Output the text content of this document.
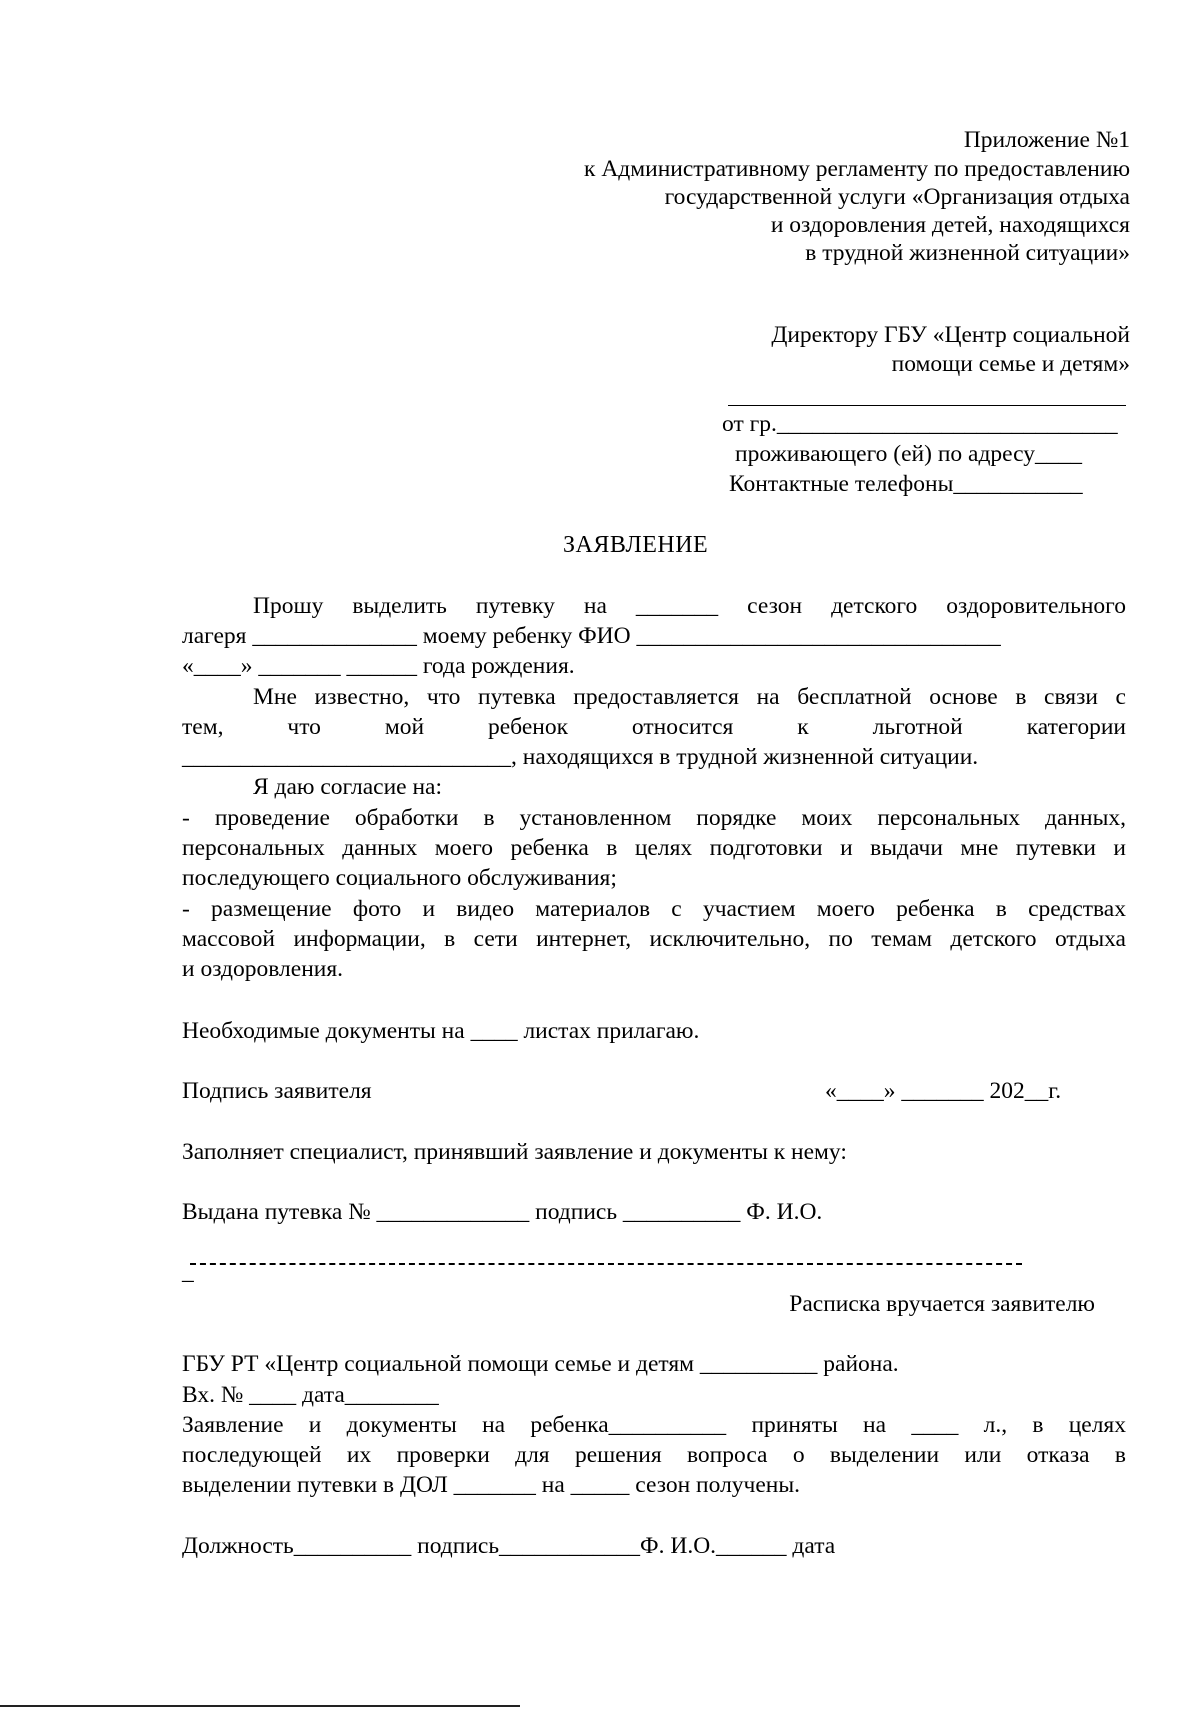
Приложение №1
к Административному регламенту по предоставлению
государственной услуги «Организация отдыха
и оздоровления детей, находящихся
в трудной жизненной ситуации»
Директору ГБУ «Центр социальной
помощи семье и детям»
от гр._____________________________
проживающего (ей) по адресу____
Контактные телефоны___________
ЗАЯВЛЕНИЕ
Прошу выделить путевку на _______ сезон детского оздоровительного
лагеря ______________ моему ребенку ФИО _______________________________
«____» _______ ______ года рождения.
Мне известно, что путевка предоставляется на бесплатной основе в связи с
тем, что мой ребенок относится к льготной категории
____________________________, находящихся в трудной жизненной ситуации.
Я даю согласие на:
- проведение обработки в установленном порядке моих персональных данных,
персональных данных моего ребенка в целях подготовки и выдачи мне путевки и
последующего социального обслуживания;
- размещение фото и видео материалов с участием моего ребенка в средствах
массовой информации, в сети интернет, исключительно, по темам детского отдыха
и оздоровления.
Необходимые документы на ____ листах прилагаю.
Подпись заявителя	«____» _______ 202__г.
Заполняет специалист, принявший заявление и документы к нему:
Выдана путевка № _____________ подпись __________ Ф. И.О.
_
Расписка вручается заявителю
ГБУ РТ «Центр социальной помощи семье и детям __________ района.
Вх. № ____ дата________
Заявление и документы на ребенка__________ приняты на ____ л., в целях
последующей их проверки для решения вопроса о выделении или отказа в
выделении путевки в ДОЛ _______ на _____ сезон получены.
Должность__________ подпись____________Ф. И.О.______ дата
